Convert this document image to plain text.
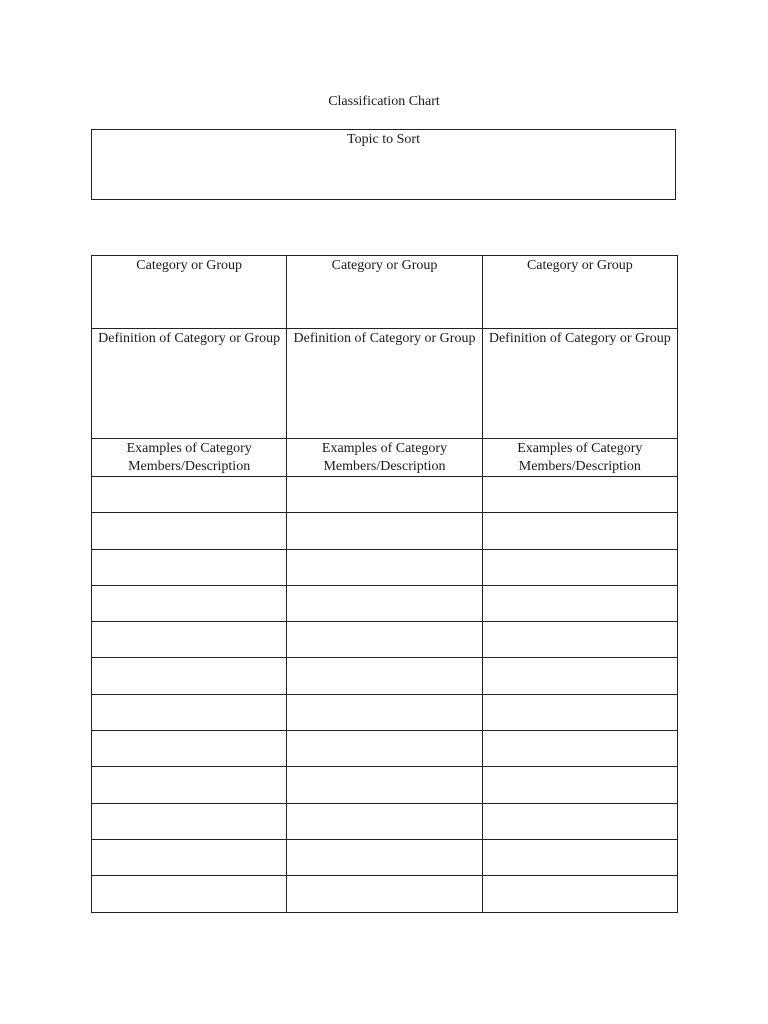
Classification Chart
Topic to Sort
Category or Group	Category or Group	Category or Group
Definition of Category or Group	Definition of Category or Group	Definition of Category or Group
Examples of Category Members/Description	Examples of Category Members/Description	Examples of Category Members/Description
